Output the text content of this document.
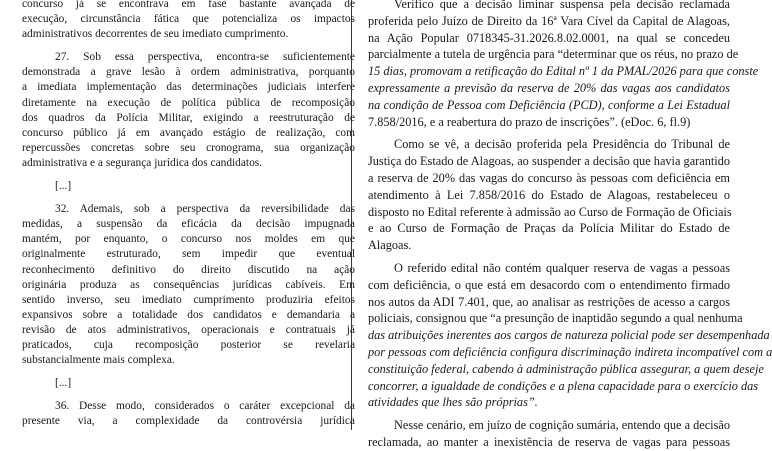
concurso já se encontrava em fase bastante avançada de
execução, circunstância fática que potencializa os impactos
administrativos decorrentes de seu imediato cumprimento.
27. Sob essa perspectiva, encontra-se suficientemente
demonstrada a grave lesão à ordem administrativa, porquanto
a imediata implementação das determinações judiciais interfere
diretamente na execução de política pública de recomposição
dos quadros da Polícia Militar, exigindo a reestruturação de
concurso público já em avançado estágio de realização, com
repercussões concretas sobre seu cronograma, sua organização
administrativa e a segurança jurídica dos candidatos.
[...]
32. Ademais, sob a perspectiva da reversibilidade das
medidas, a suspensão da eficácia da decisão impugnada
mantém, por enquanto, o concurso nos moldes em que
originalmente estruturado, sem impedir que eventual
reconhecimento definitivo do direito discutido na ação
originária produza as consequências jurídicas cabíveis. Em
sentido inverso, seu imediato cumprimento produziria efeitos
expansivos sobre a totalidade dos candidatos e demandaria a
revisão de atos administrativos, operacionais e contratuais já
praticados, cuja recomposição posterior se revelaria
substancialmente mais complexa.
[...]
36. Desse modo, considerados o caráter excepcional da
presente via, a complexidade da controvérsia jurídica
Verifico que a decisão liminar suspensa pela decisão reclamada
proferida pelo Juízo de Direito da 16ª Vara Cível da Capital de Alagoas,
na Ação Popular 0718345-31.2026.8.02.0001, na qual se concedeu
parcialmente a tutela de urgência para “determinar que os réus, no prazo de
15 dias, promovam a retificação do Edital nº 1 da PMAL/2026 para que conste
expressamente a previsão da reserva de 20% das vagas aos candidatos
na condição de Pessoa com Deficiência (PCD), conforme a Lei Estadual
7.858/2016, e a reabertura do prazo de inscrições”. (eDoc. 6, fl.9)
Como se vê, a decisão proferida pela Presidência do Tribunal de
Justiça do Estado de Alagoas, ao suspender a decisão que havia garantido
a reserva de 20% das vagas do concurso às pessoas com deficiência em
atendimento à Lei 7.858/2016 do Estado de Alagoas, restabeleceu o
disposto no Edital referente à admissão ao Curso de Formação de Oficiais
e ao Curso de Formação de Praças da Polícia Militar do Estado de
Alagoas.
O referido edital não contém qualquer reserva de vagas a pessoas
com deficiência, o que está em desacordo com o entendimento firmado
nos autos da ADI 7.401, que, ao analisar as restrições de acesso a cargos
policiais, consignou que “a presunção de inaptidão segundo a qual nenhuma
das atribuições inerentes aos cargos de natureza policial pode ser desempenhada
por pessoas com deficiência configura discriminação indireta incompatível com a
constituição federal, cabendo à administração pública assegurar, a quem deseje
concorrer, a igualdade de condições e a plena capacidade para o exercício das
atividades que lhes são próprias”.
Nesse cenário, em juízo de cognição sumária, entendo que a decisão
reclamada, ao manter a inexistência de reserva de vagas para pessoas
